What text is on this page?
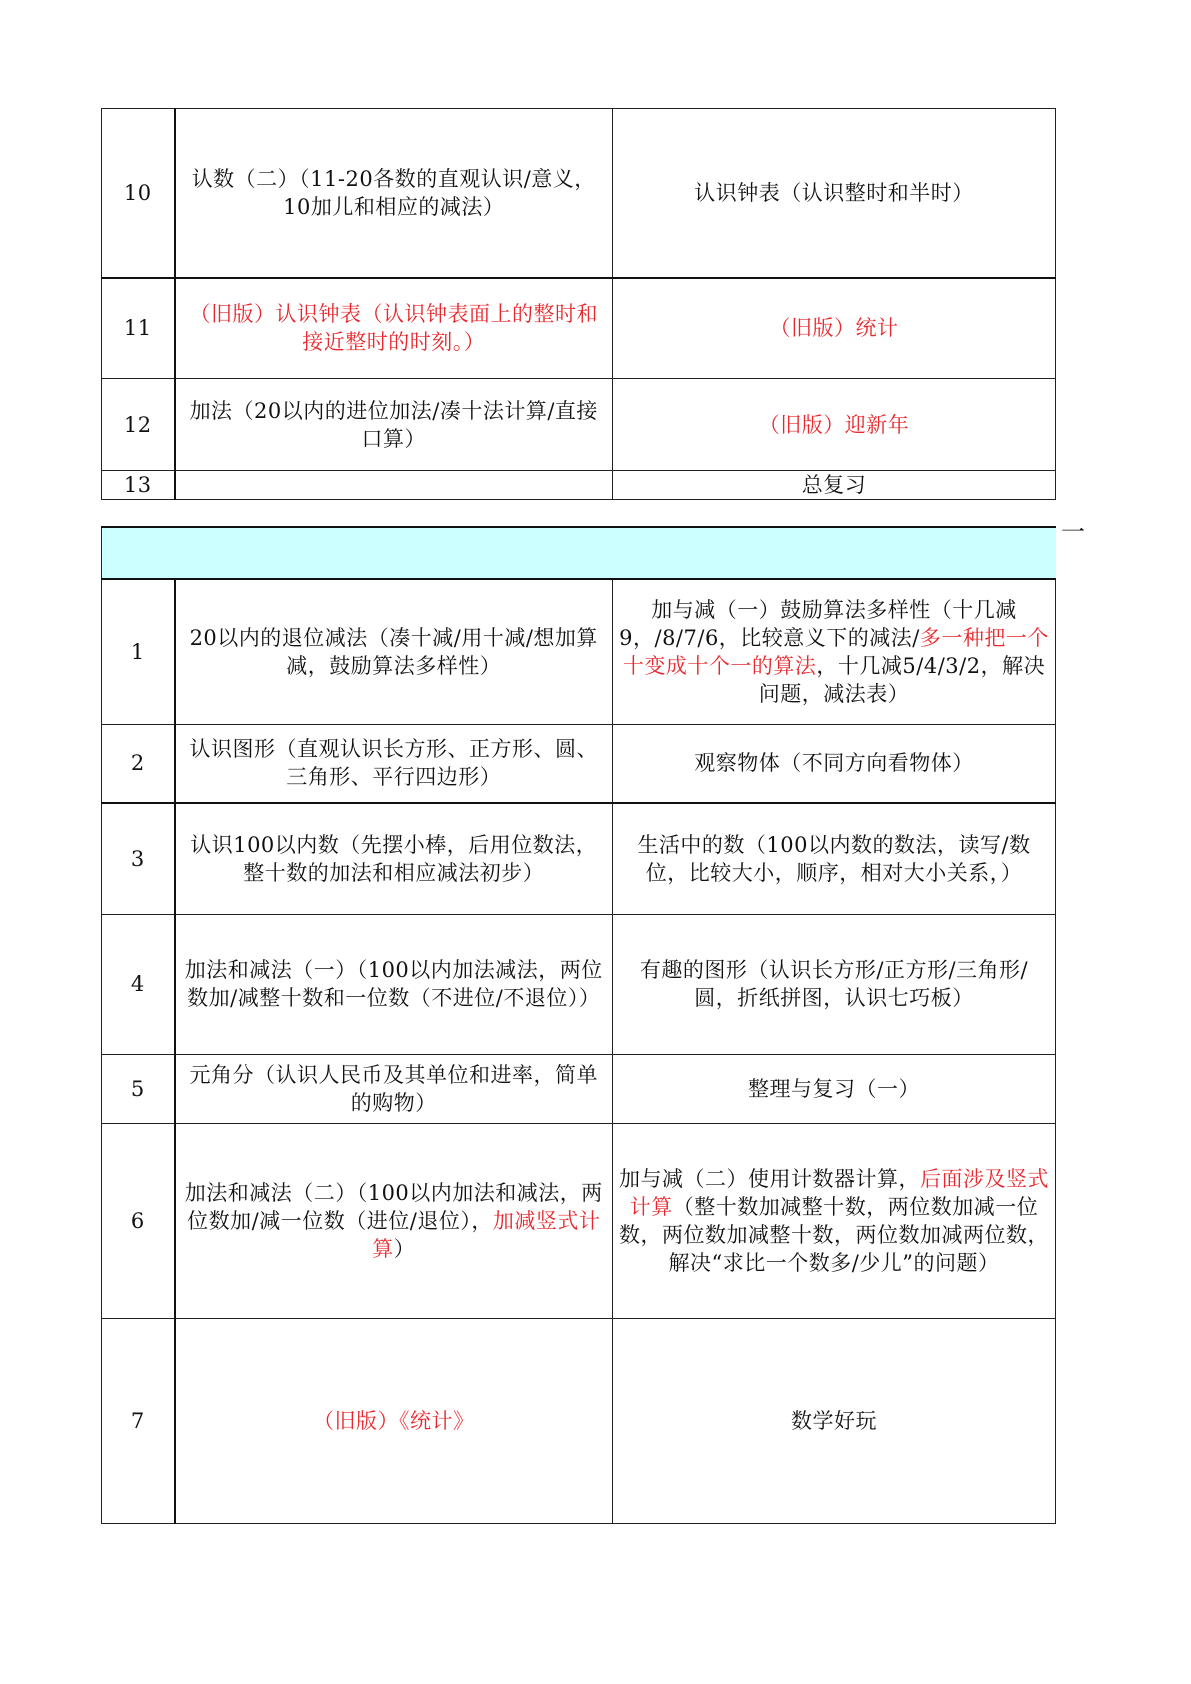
10	认数（二）（11-20各数的直观认识/意义，10加儿和相应的减法）	认识钟表（认识整时和半时）
11	（旧版）认识钟表（认识钟表面上的整时和接近整时的时刻。）	（旧版）统计
12	加法（20以内的进位加法/凑十法计算/直接口算）	（旧版）迎新年
13		总复习
一

1	20以内的退位减法（凑十减/用十减/想加算减，鼓励算法多样性）	加与减（一）鼓励算法多样性（十几减9，/8/7/6，比较意义下的减法/多一种把一个十变成十个一的算法，十几减5/4/3/2，解决问题，减法表）
2	认识图形（直观认识长方形、正方形、圆、三角形、平行四边形）	观察物体（不同方向看物体）
3	认识100以内数（先摆小棒，后用位数法，整十数的加法和相应减法初步）	生活中的数（100以内数的数法，读写/数位，比较大小，顺序，相对大小关系，）
4	加法和减法（一）（100以内加法减法，两位数加/减整十数和一位数（不进位/不退位））	有趣的图形（认识长方形/正方形/三角形/圆，折纸拼图，认识七巧板）
5	元角分（认识人民币及其单位和进率，简单的购物）	整理与复习（一）
6	加法和减法（二）（100以内加法和减法，两位数加/减一位数（进位/退位），加减竖式计算）	加与减（二）使用计数器计算，后面涉及竖式计算（整十数加减整十数，两位数加减一位数，两位数加减整十数，两位数加减两位数，解决“求比一个数多/少儿”的问题）
7	（旧版）《统计》	数学好玩
